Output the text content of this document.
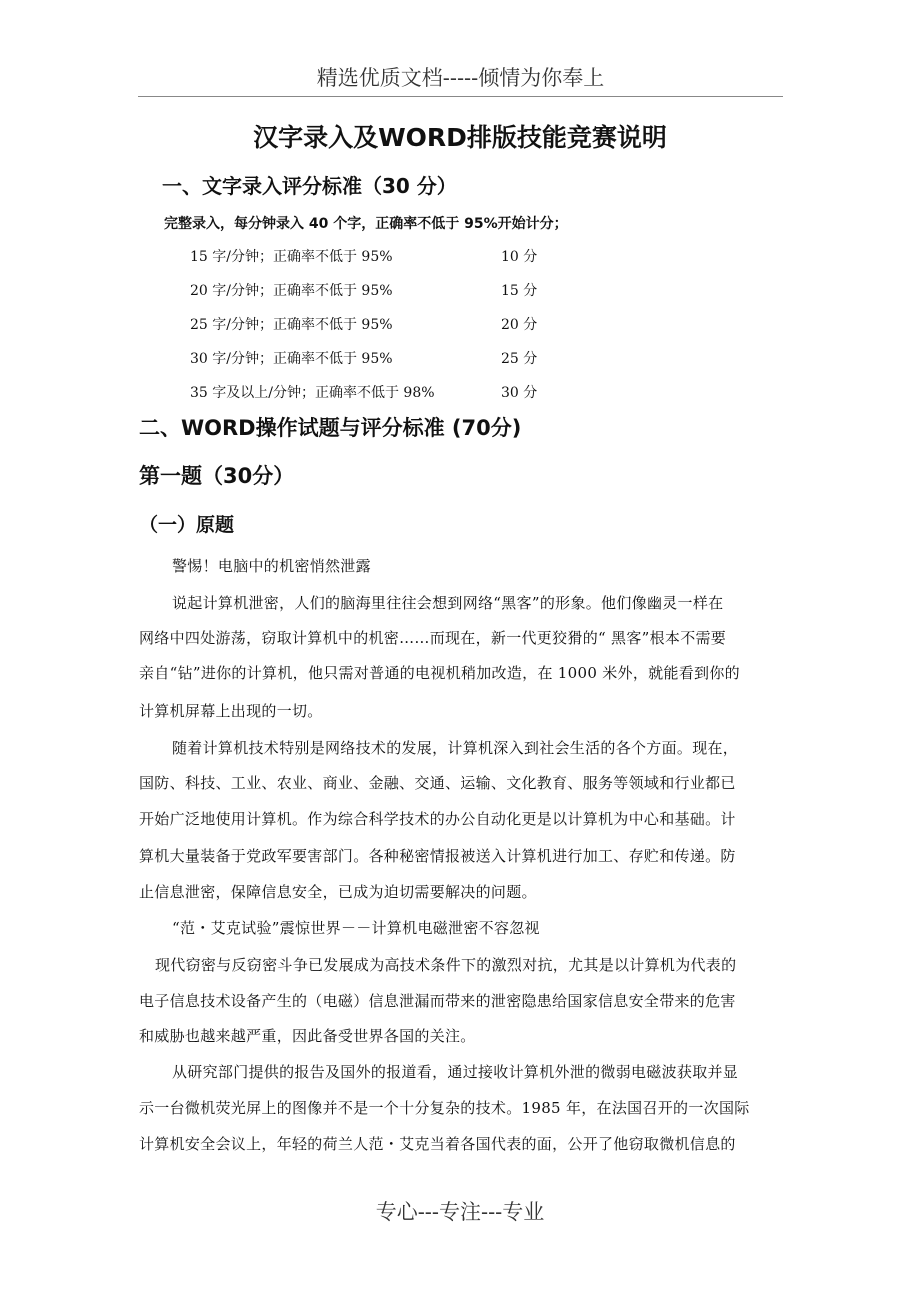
精选优质文档-----倾情为你奉上
汉字录入及WORD排版技能竞赛说明
一、文字录入评分标准（30 分）
完整录入，每分钟录入 40 个字，正确率不低于 95%开始计分；
15 字/分钟；正确率不低于 95%	10 分
20 字/分钟；正确率不低于 95%	15 分
25 字/分钟；正确率不低于 95%	20 分
30 字/分钟；正确率不低于 95%	25 分
35 字及以上/分钟；正确率不低于 98%	30 分
二、WORD操作试题与评分标准 (70分)
第一题（30分）
（一）原题
警惕！电脑中的机密悄然泄露
说起计算机泄密，人们的脑海里往往会想到网络“黑客”的形象。他们像幽灵一样在
网络中四处游荡，窃取计算机中的机密……而现在，新一代更狡猾的“ 黑客”根本不需要
亲自“钻”进你的计算机，他只需对普通的电视机稍加改造，在 1000 米外，就能看到你的
计算机屏幕上出现的一切。
随着计算机技术特别是网络技术的发展，计算机深入到社会生活的各个方面。现在，
国防、科技、工业、农业、商业、金融、交通、运输、文化教育、服务等领域和行业都已
开始广泛地使用计算机。作为综合科学技术的办公自动化更是以计算机为中心和基础。计
算机大量装备于党政军要害部门。各种秘密情报被送入计算机进行加工、存贮和传递。防
止信息泄密，保障信息安全，已成为迫切需要解决的问题。
“范・艾克试验”震惊世界－－计算机电磁泄密不容忽视
现代窃密与反窃密斗争已发展成为高技术条件下的激烈对抗，尤其是以计算机为代表的
电子信息技术设备产生的（电磁）信息泄漏而带来的泄密隐患给国家信息安全带来的危害
和威胁也越来越严重，因此备受世界各国的关注。
从研究部门提供的报告及国外的报道看，通过接收计算机外泄的微弱电磁波获取并显
示一台微机荧光屏上的图像并不是一个十分复杂的技术。1985 年，在法国召开的一次国际
计算机安全会议上，年轻的荷兰人范・艾克当着各国代表的面，公开了他窃取微机信息的
专心---专注---专业
